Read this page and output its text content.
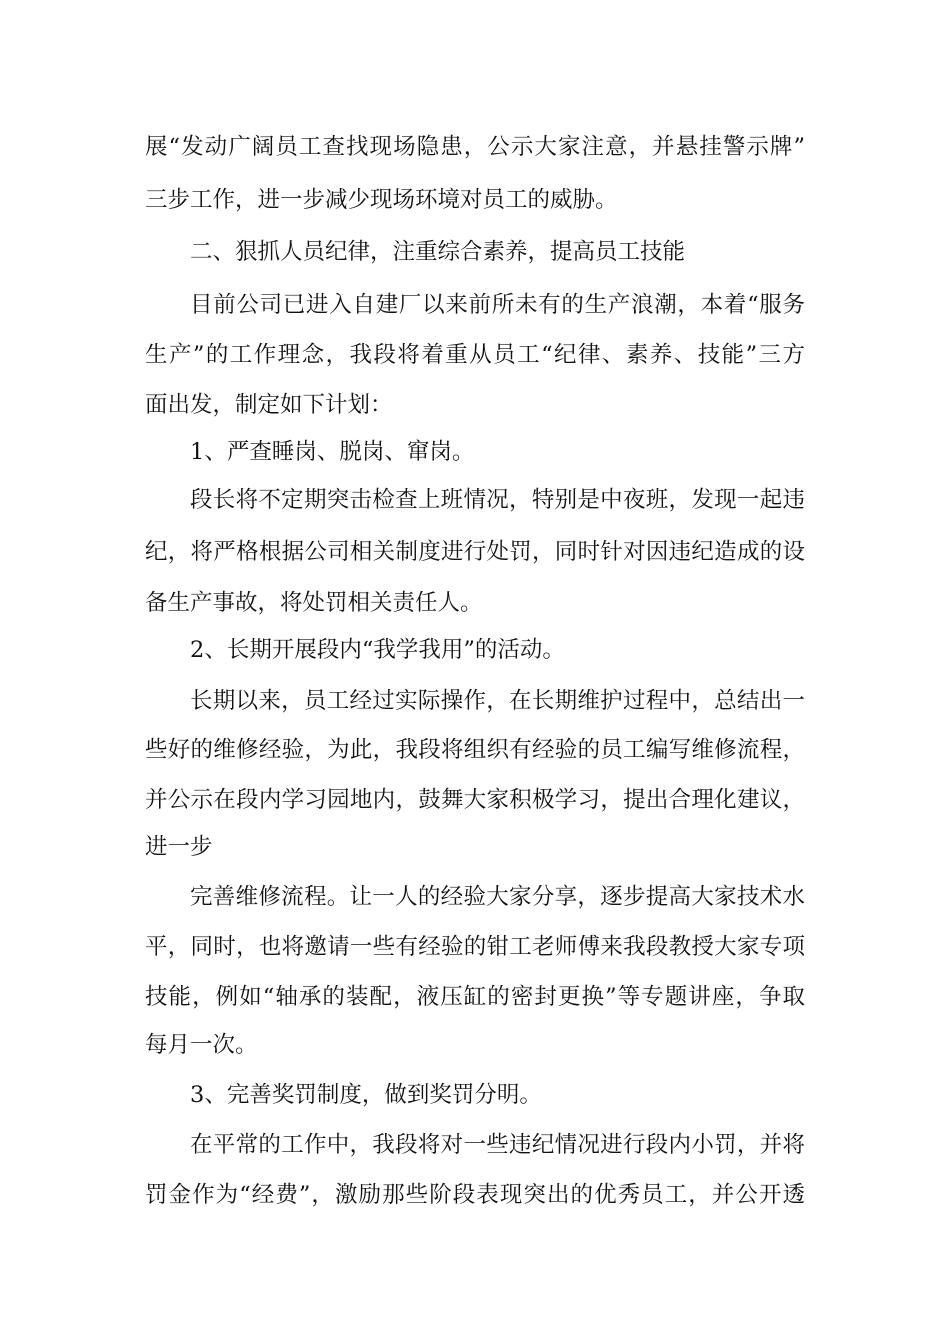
展“发动广阔员工查找现场隐患，公示大家注意，并悬挂警示牌”
三步工作，进一步减少现场环境对员工的威胁。
二、狠抓人员纪律，注重综合素养，提高员工技能
目前公司已进入自建厂以来前所未有的生产浪潮，本着“服务
生产”的工作理念，我段将着重从员工“纪律、素养、技能”三方
面出发，制定如下计划：
1、严查睡岗、脱岗、窜岗。
段长将不定期突击检查上班情况，特别是中夜班，发现一起违
纪，将严格根据公司相关制度进行处罚，同时针对因违纪造成的设
备生产事故，将处罚相关责任人。
2、长期开展段内“我学我用”的活动。
长期以来，员工经过实际操作，在长期维护过程中，总结出一
些好的维修经验，为此，我段将组织有经验的员工编写维修流程，
并公示在段内学习园地内，鼓舞大家积极学习，提出合理化建议，
进一步
完善维修流程。让一人的经验大家分享，逐步提高大家技术水
平，同时，也将邀请一些有经验的钳工老师傅来我段教授大家专项
技能，例如“轴承的装配，液压缸的密封更换”等专题讲座，争取
每月一次。
3、完善奖罚制度，做到奖罚分明。
在平常的工作中，我段将对一些违纪情况进行段内小罚，并将
罚金作为“经费”，激励那些阶段表现突出的优秀员工，并公开透
